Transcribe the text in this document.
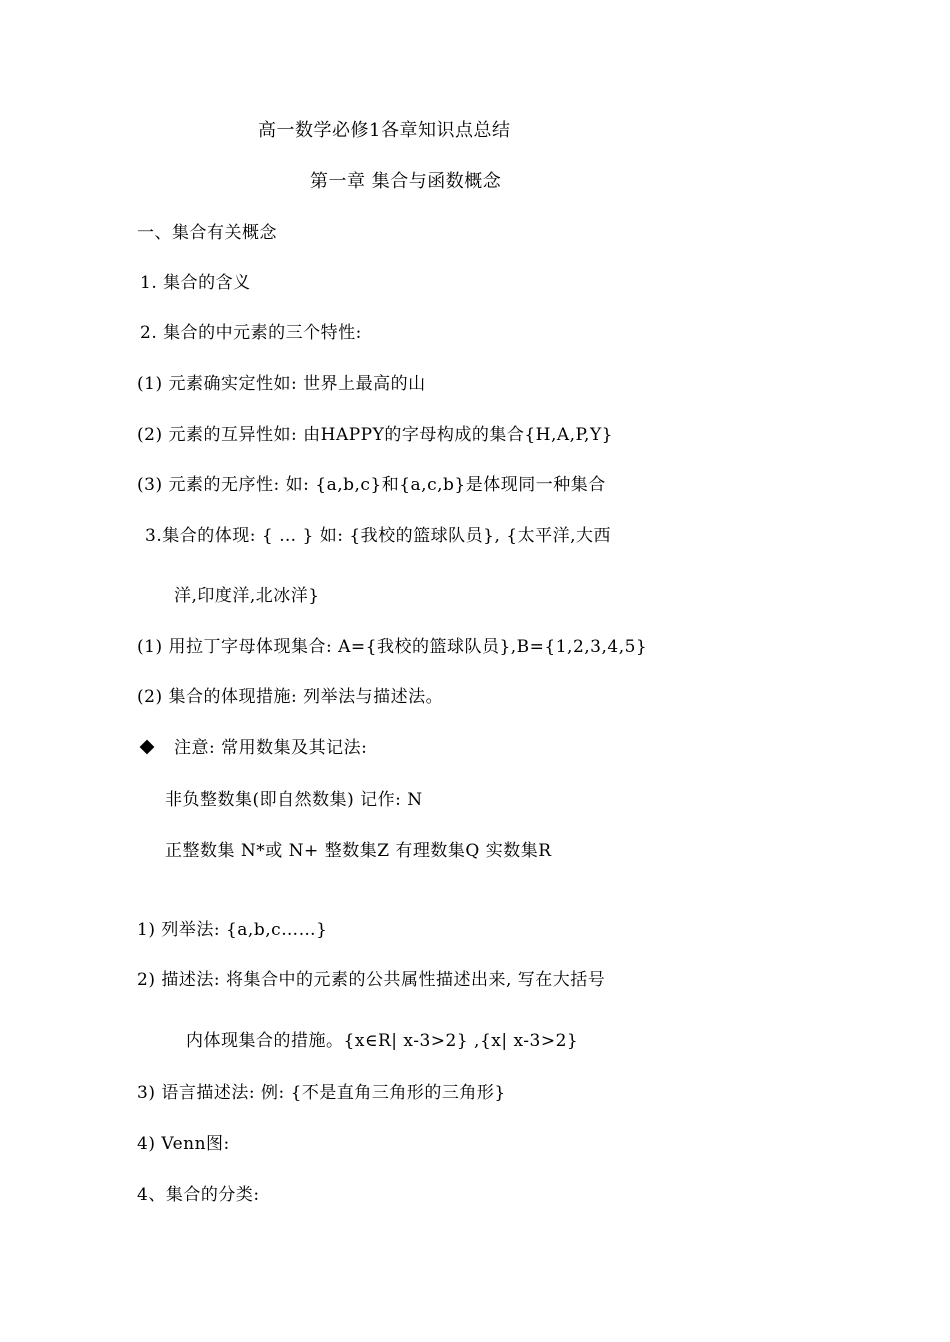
高一数学必修1各章知识点总结
第一章 集合与函数概念
一、集合有关概念
1. 集合的含义
2. 集合的中元素的三个特性:
(1) 元素确实定性如: 世界上最高的山
(2) 元素的互异性如: 由HAPPY的字母构成的集合{H,A,P,Y}
(3) 元素的无序性: 如: {a,b,c}和{a,c,b}是体现同一种集合
3.集合的体现: { … } 如: {我校的篮球队员}, {太平洋,大西
洋,印度洋,北冰洋}
(1) 用拉丁字母体现集合: A={我校的篮球队员},B={1,2,3,4,5}
(2) 集合的体现措施: 列举法与描述法。
注意: 常用数集及其记法:
非负整数集(即自然数集) 记作: N
正整数集 N*或 N+ 整数集Z 有理数集Q 实数集R
1) 列举法: {a,b,c……}
2) 描述法: 将集合中的元素的公共属性描述出来, 写在大括号
内体现集合的措施。{x∈R| x-3>2} ,{x| x-3>2}
3) 语言描述法: 例: {不是直角三角形的三角形}
4) Venn图:
4、集合的分类:
